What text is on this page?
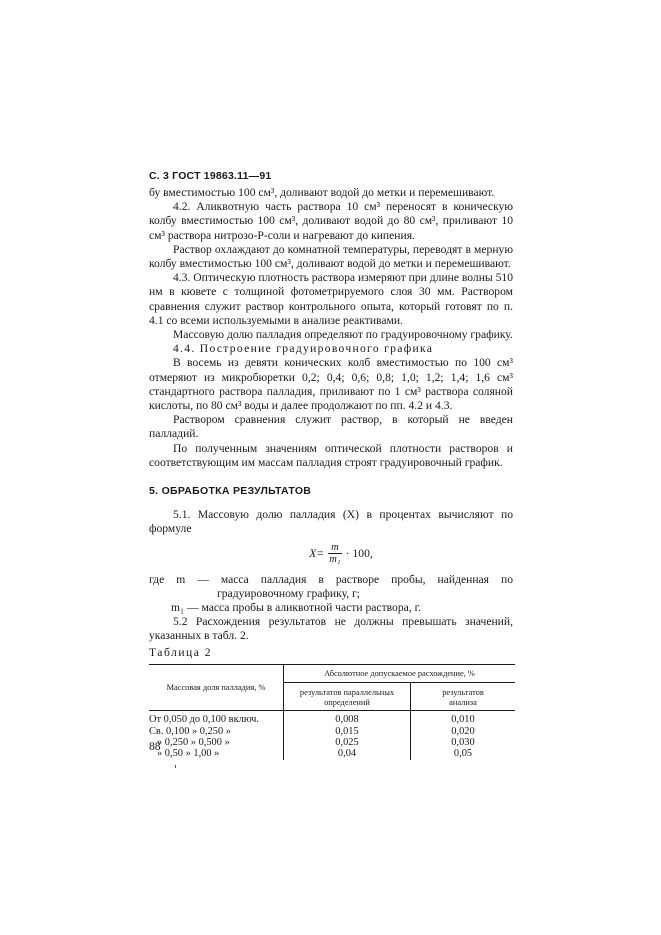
С. 3 ГОСТ 19863.11—91

бу вместимостью 100 см³, доливают водой до метки и перемешивают.

4.2. Аликвотную часть раствора 10 см³ переносят в коническую колбу вместимостью 100 см³, доливают водой до 80 см³, приливают 10 см³ раствора нитрозо-Р-соли и нагревают до кипения.

Раствор охлаждают до комнатной температуры, переводят в мерную колбу вместимостью 100 см³, доливают водой до метки и перемешивают.

4.3. Оптическую плотность раствора измеряют при длине волны 510 нм в кювете с толщиной фотометрируемого слоя 30 мм. Раствором сравнения служит раствор контрольного опыта, который готовят по п. 4.1 со всеми используемыми в анализе реактивами.

Массовую долю палладия определяют по градуировочному графику.

4.4. Построение градуировочного графика

В восемь из девяти конических колб вместимостью по 100 см³ отмеряют из микробюретки 0,2; 0,4; 0,6; 0,8; 1,0; 1,2; 1,4; 1,6 см³ стандартного раствора палладия, приливают по 1 см³ раствора соляной кислоты, по 80 см³ воды и далее продолжают по пп. 4.2 и 4.3.

Раствором сравнения служит раствор, в который не введен палладий.

По полученным значениям оптической плотности растворов и соответствующим им массам палладия строят градуировочный график.

5. ОБРАБОТКА РЕЗУЛЬТАТОВ

5.1. Массовую долю палладия (X) в процентах вычисляют по формуле

$X= \frac{m}{\text{m₁}} \cdot 100$,

где m — масса палладия в растворе пробы, найденная по градуировочному графику, г;

m₁ — масса пробы в аликвотной части раствора, г.

5.2 Расхождения результатов не должны превышать значений, указанных в табл. 2.

Таблица 2

Массовая доля палладия, %	Абсолютное допускаемое расхождение, %	
	результатов параллельных определений	результатов анализа
От 0,050 до 0,100 включ.	0,008	0,010
Св. 0,100 » 0,250 »	0,015	0,020
» 0,250 » 0,500 »	0,025	0,030
» 0,50 » 1,00 »	0,04	0,05
88
